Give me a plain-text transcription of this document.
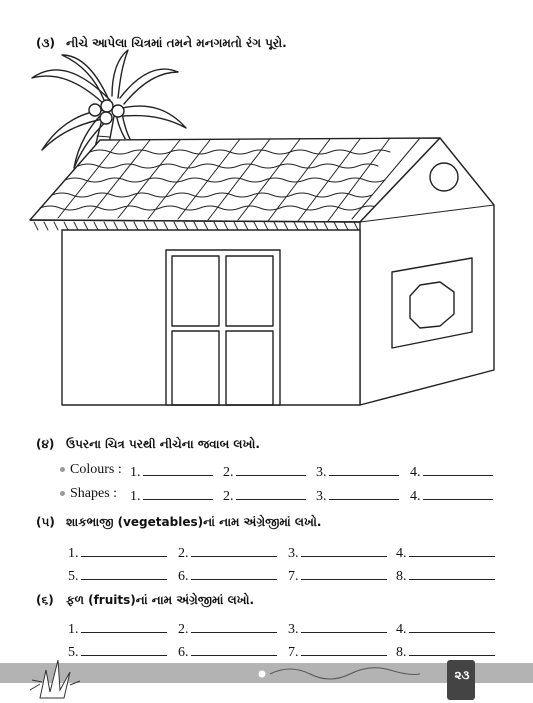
(૩) નીચે આપેલા ચિત્રમાં તમને મનગમતો રંગ પૂરો.
(૪) ઉપરના ચિત્ર પરથી નીચેના જવાબ લખો.
Colours : 1.	2.	3.	4.
Shapes : 1.	2.	3.	4.
(૫) શાકભાજી (vegetables)નાં નામ અંગ્રેજીમાં લખો.
1.	2.	3.	4.
5.	6.	7.	8.
(૬) ફળ (fruits)નાં નામ અંગ્રેજીમાં લખો.
1.	2.	3.	4.
5.	6.	7.	8.
રક્ષાંકાર - દિવાળી ગૃહકાર્ય (ધોરણ-૪)
૨૩
